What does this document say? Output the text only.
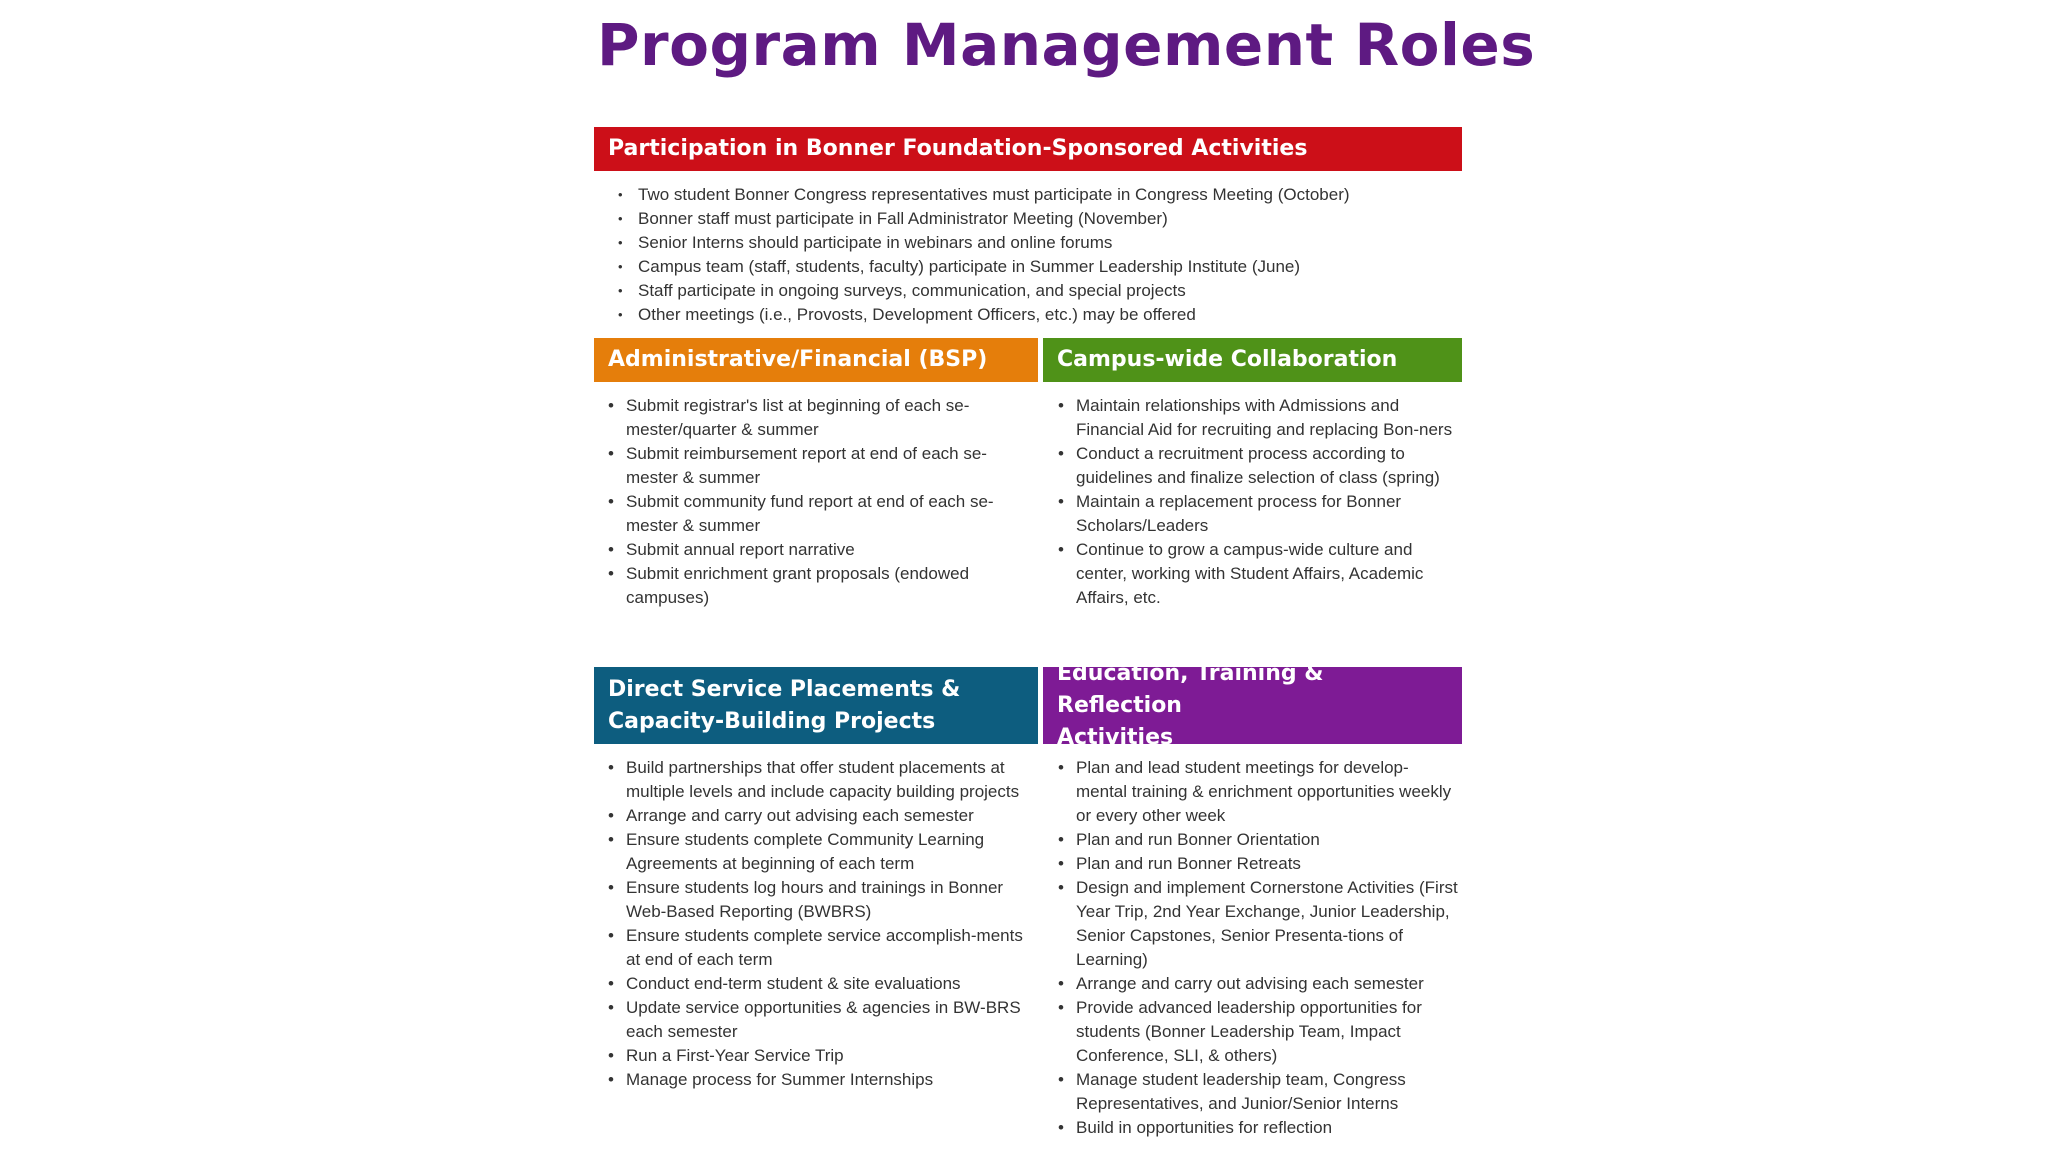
Program Management Roles
Participation in Bonner Foundation-Sponsored Activities
• Two student Bonner Congress representatives must participate in Congress Meeting (October)
• Bonner staff must participate in Fall Administrator Meeting (November)
• Senior Interns should participate in webinars and online forums
• Campus team (staff, students, faculty) participate in Summer Leadership Institute (June)
• Staff participate in ongoing surveys, communication, and special projects
• Other meetings (i.e., Provosts, Development Officers, etc.) may be offered
Administrative/Financial (BSP)
• Submit registrar's list at beginning of each se-mester/quarter & summer
• Submit reimbursement report at end of each se-mester & summer
• Submit community fund report at end of each se-mester & summer
• Submit annual report narrative
• Submit enrichment grant proposals (endowed campuses)
Campus-wide Collaboration
• Maintain relationships with Admissions and Financial Aid for recruiting and replacing Bon-ners
• Conduct a recruitment process according to guidelines and finalize selection of class (spring)
• Maintain a replacement process for Bonner Scholars/Leaders
• Continue to grow a campus-wide culture and center, working with Student Affairs, Academic Affairs, etc.
Direct Service Placements &
Capacity-Building Projects
• Build partnerships that offer student placements at multiple levels and include capacity building projects
• Arrange and carry out advising each semester
• Ensure students complete Community Learning Agreements at beginning of each term
• Ensure students log hours and trainings in Bonner Web-Based Reporting (BWBRS)
• Ensure students complete service accomplish-ments at end of each term
• Conduct end-term student & site evaluations
• Update service opportunities & agencies in BW-BRS each semester
• Run a First-Year Service Trip
• Manage process for Summer Internships
Education, Training & Reflection
Activities
• Plan and lead student meetings for develop-mental training & enrichment opportunities weekly or every other week
• Plan and run Bonner Orientation
• Plan and run Bonner Retreats
• Design and implement Cornerstone Activities (First Year Trip, 2nd Year Exchange, Junior Leadership, Senior Capstones, Senior Presenta-tions of Learning)
• Arrange and carry out advising each semester
• Provide advanced leadership opportunities for students (Bonner Leadership Team, Impact Conference, SLI, & others)
• Manage student leadership team, Congress Representatives, and Junior/Senior Interns
• Build in opportunities for reflection
